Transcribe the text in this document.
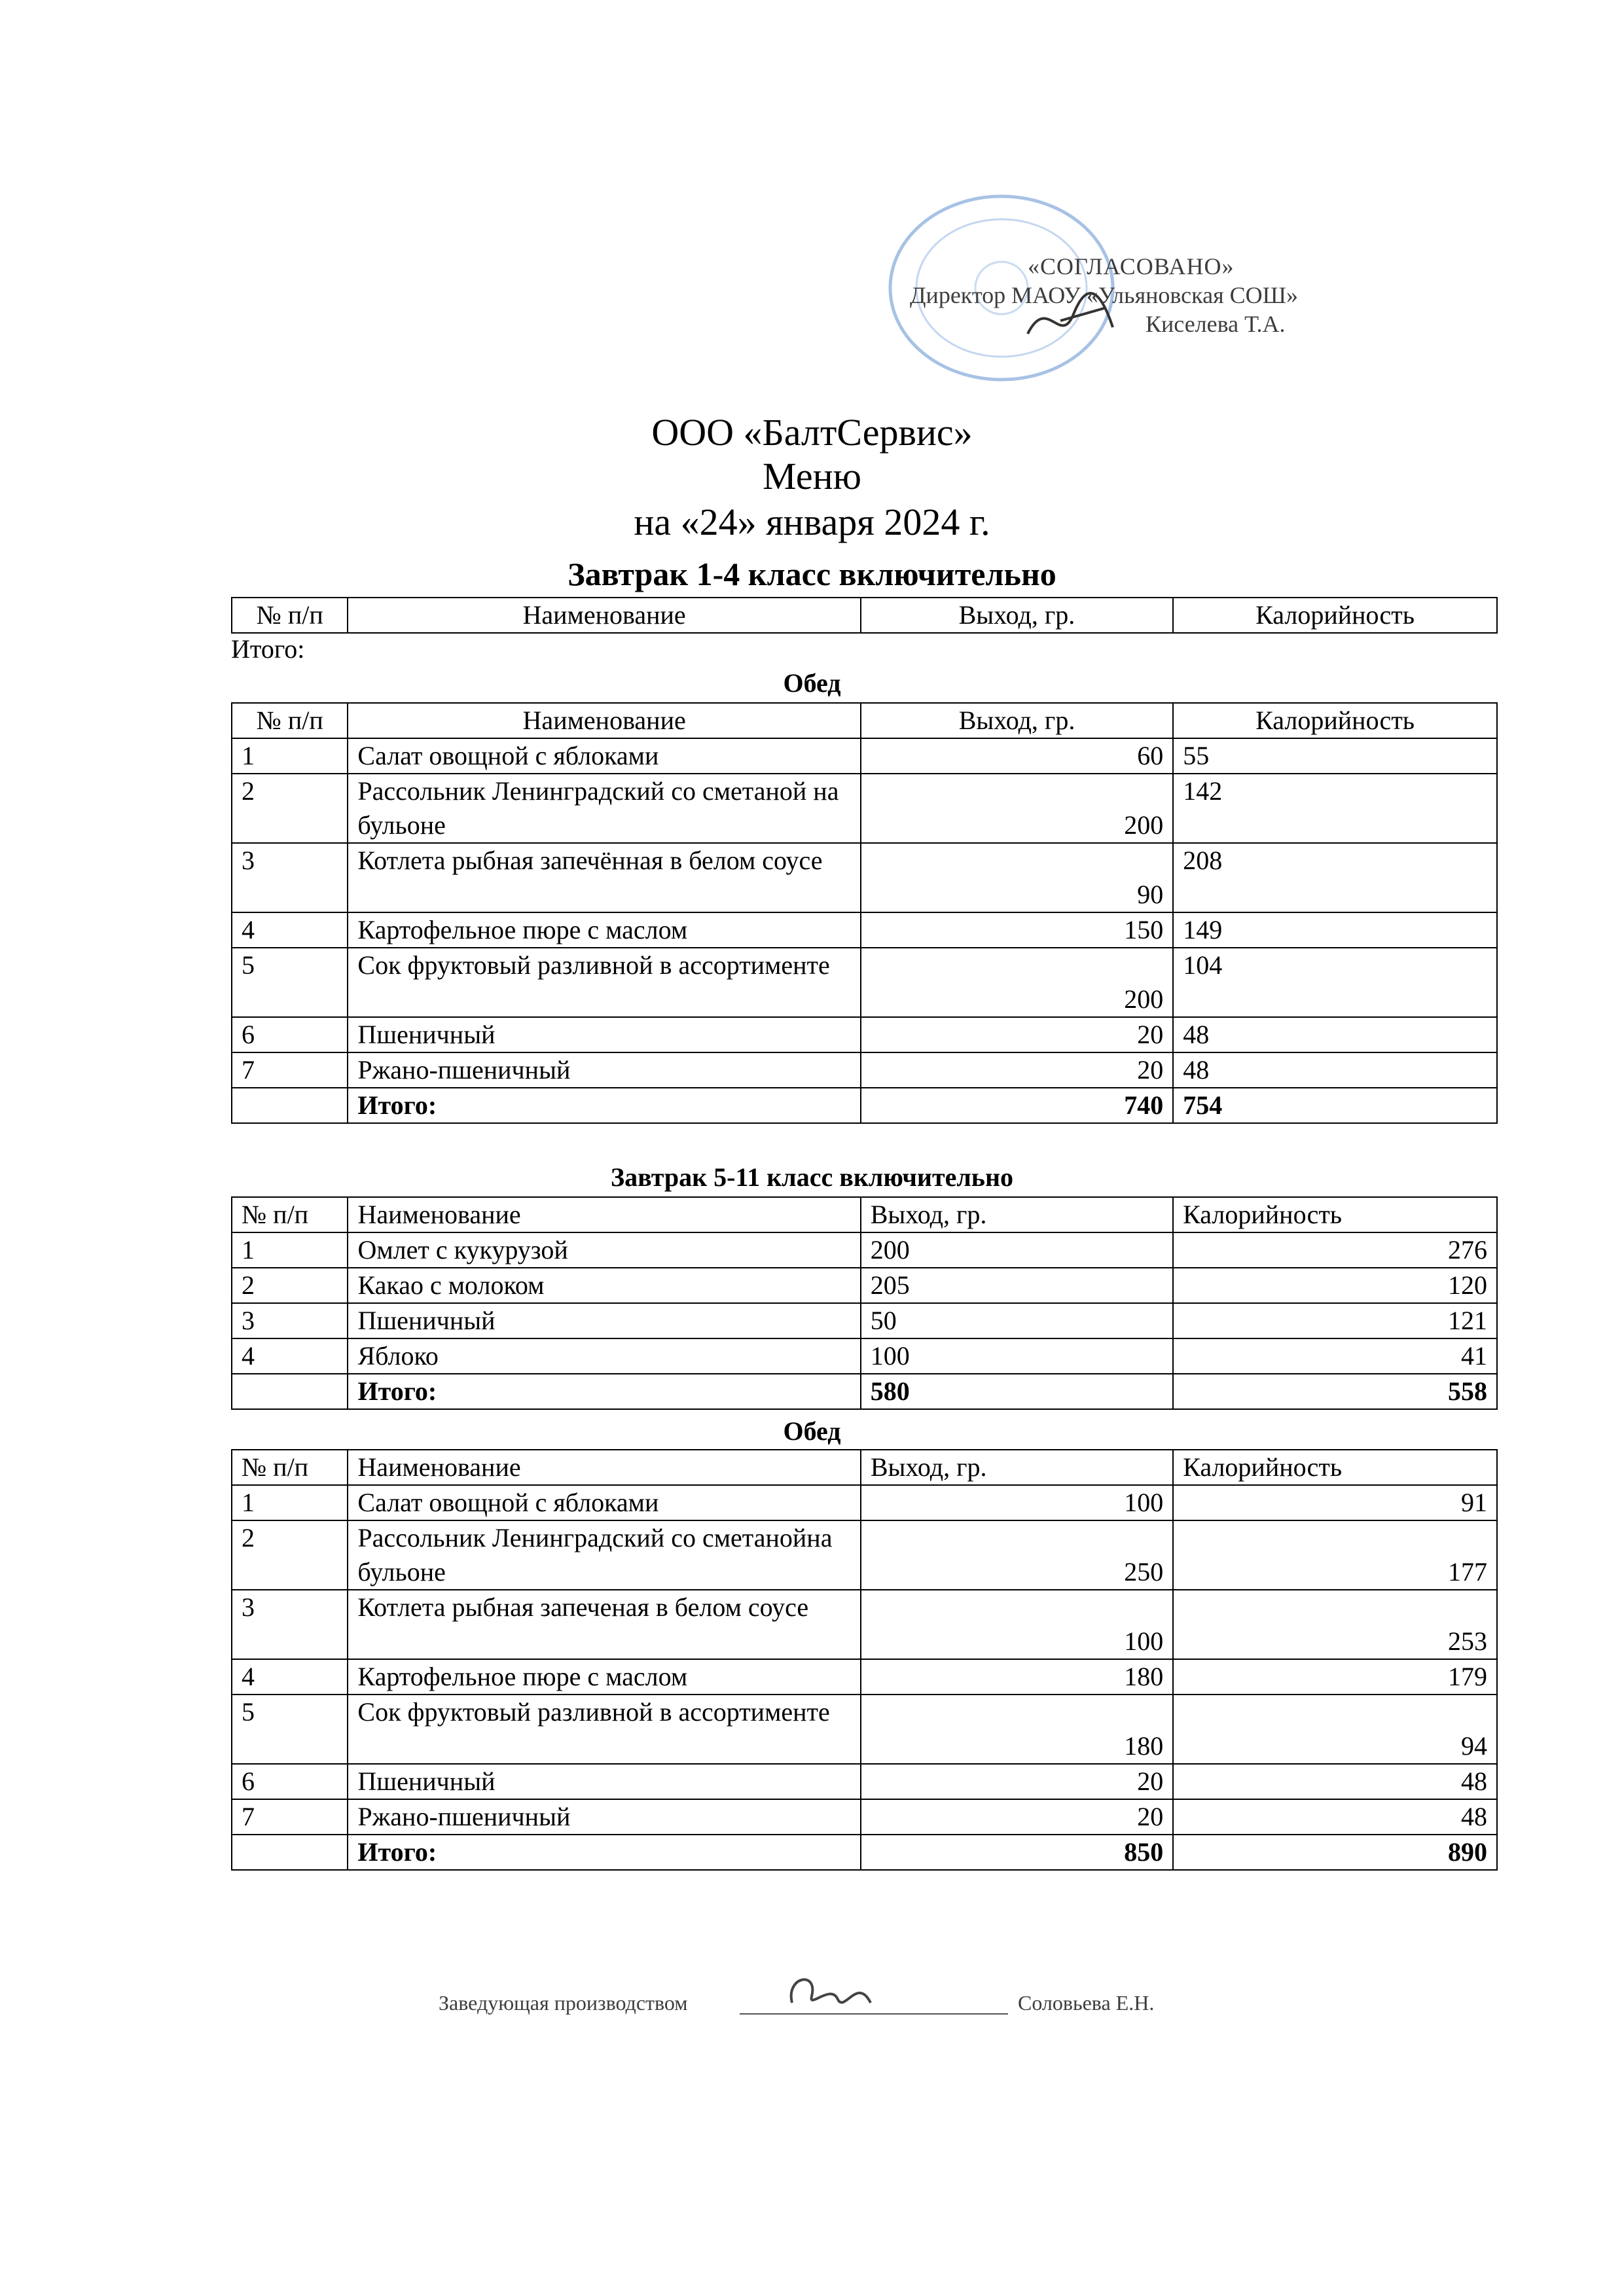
«СОГЛАСОВАНО»
Директор МАОУ «Ульяновская СОШ»
Киселева Т.А.
ООО «БалтСервис»
Меню
на «24» января 2024 г.
Завтрак 1-4 класс включительно
№ п/п	Наименование	Выход, гр.	Калорийность
Итого:
Обед
№ п/п	Наименование	Выход, гр.	Калорийность
1	Салат овощной с яблоками	60	55
2	Рассольник Ленинградский со сметаной на бульоне	200	142
3	Котлета рыбная запечённая в белом соусе	90	208
4	Картофельное пюре с маслом	150	149
5	Сок фруктовый разливной в ассортименте	200	104
6	Пшеничный	20	48
7	Ржано-пшеничный	20	48
	Итого:	740	754
Завтрак 5-11 класс включительно
№ п/п	Наименование	Выход, гр.	Калорийность
1	Омлет с кукурузой	200	276
2	Какао с молоком	205	120
3	Пшеничный	50	121
4	Яблоко	100	41
	Итого:	580	558
Обед
№ п/п	Наименование	Выход, гр.	Калорийность
1	Салат овощной с яблоками	100	91
2	Рассольник Ленинградский со сметанойна бульоне	250	177
3	Котлета рыбная запеченая в белом соусе	100	253
4	Картофельное пюре с маслом	180	179
5	Сок фруктовый разливной в ассортименте	180	94
6	Пшеничный	20	48
7	Ржано-пшеничный	20	48
	Итого:	850	890
Заведующая производством	Соловьева Е.Н.
